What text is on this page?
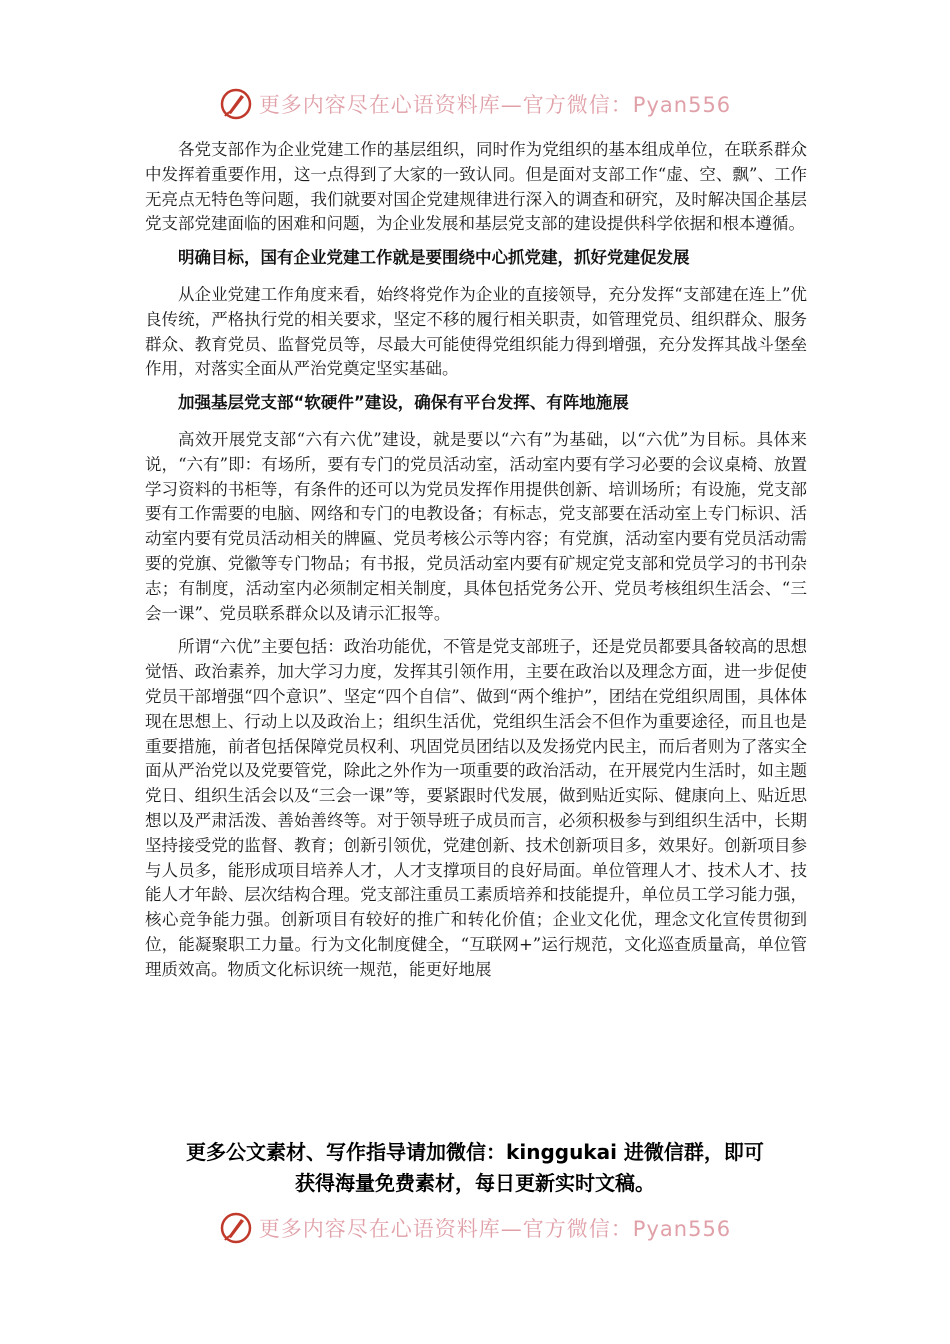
更多内容尽在心语资料库—官方微信：Pyan556

各党支部作为企业党建工作的基层组织，同时作为党组织的基本组成单位，在联系群众中发挥着重要作用，这一点得到了大家的一致认同。但是面对支部工作“虚、空、飘”、工作无亮点无特色等问题，我们就要对国企党建规律进行深入的调查和研究，及时解决国企基层党支部党建面临的困难和问题，为企业发展和基层党支部的建设提供科学依据和根本遵循。

明确目标，国有企业党建工作就是要围绕中心抓党建，抓好党建促发展

从企业党建工作角度来看，始终将党作为企业的直接领导，充分发挥“支部建在连上”优良传统，严格执行党的相关要求，坚定不移的履行相关职责，如管理党员、组织群众、服务群众、教育党员、监督党员等，尽最大可能使得党组织能力得到增强，充分发挥其战斗堡垒作用，对落实全面从严治党奠定坚实基础。

加强基层党支部“软硬件”建设，确保有平台发挥、有阵地施展

高效开展党支部“六有六优”建设，就是要以“六有”为基础，以“六优”为目标。具体来说，“六有”即：有场所，要有专门的党员活动室，活动室内要有学习必要的会议桌椅、放置学习资料的书柜等，有条件的还可以为党员发挥作用提供创新、培训场所；有设施，党支部要有工作需要的电脑、网络和专门的电教设备；有标志，党支部要在活动室上专门标识、活动室内要有党员活动相关的牌匾、党员考核公示等内容；有党旗，活动室内要有党员活动需要的党旗、党徽等专门物品；有书报，党员活动室内要有矿规定党支部和党员学习的书刊杂志；有制度，活动室内必须制定相关制度，具体包括党务公开、党员考核组织生活会、“三会一课”、党员联系群众以及请示汇报等。

所谓“六优”主要包括：政治功能优，不管是党支部班子，还是党员都要具备较高的思想觉悟、政治素养，加大学习力度，发挥其引领作用，主要在政治以及理念方面，进一步促使党员干部增强“四个意识”、坚定“四个自信”、做到“两个维护”，团结在党组织周围，具体体现在思想上、行动上以及政治上；组织生活优，党组织生活会不但作为重要途径，而且也是重要措施，前者包括保障党员权利、巩固党员团结以及发扬党内民主，而后者则为了落实全面从严治党以及党要管党，除此之外作为一项重要的政治活动，在开展党内生活时，如主题党日、组织生活会以及“三会一课”等，要紧跟时代发展，做到贴近实际、健康向上、贴近思想以及严肃活泼、善始善终等。对于领导班子成员而言，必须积极参与到组织生活中，长期坚持接受党的监督、教育；创新引领优，党建创新、技术创新项目多，效果好。创新项目参与人员多，能形成项目培养人才，人才支撑项目的良好局面。单位管理人才、技术人才、技能人才年龄、层次结构合理。党支部注重员工素质培养和技能提升，单位员工学习能力强，核心竞争能力强。创新项目有较好的推广和转化价值；企业文化优，理念文化宣传贯彻到位，能凝聚职工力量。行为文化制度健全，“互联网+”运行规范，文化巡查质量高，单位管理质效高。物质文化标识统一规范，能更好地展

更多公文素材、写作指导请加微信：kinggukai 进微信群，即可
获得海量免费素材，每日更新实时文稿。
更多内容尽在心语资料库—官方微信：Pyan556
